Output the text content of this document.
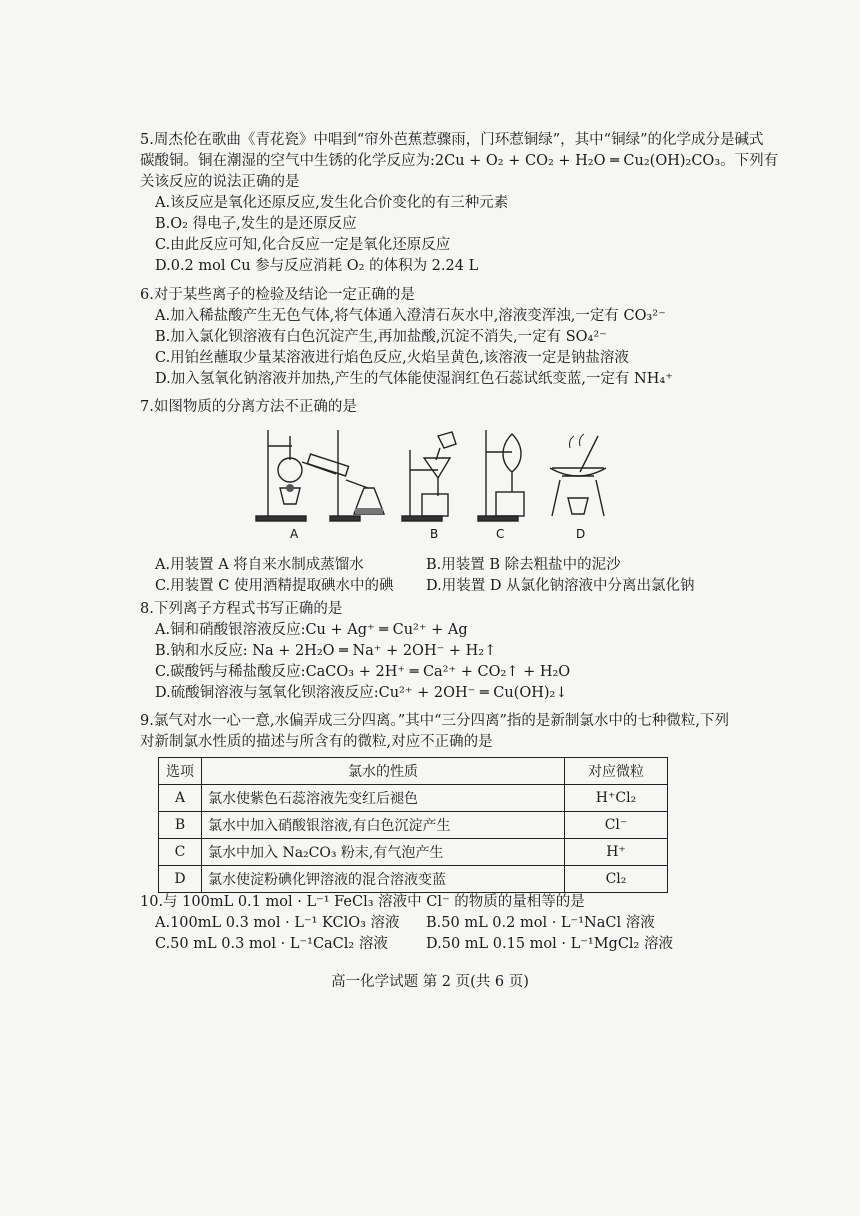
5.周杰伦在歌曲《青花瓷》中唱到“帘外芭蕉惹骤雨，门环惹铜绿”，其中“铜绿”的化学成分是碱式
碳酸铜。铜在潮湿的空气中生锈的化学反应为:2Cu + O₂ + CO₂ + H₂O ═ Cu₂(OH)₂CO₃。下列有
关该反应的说法正确的是
A.该反应是氧化还原反应,发生化合价变化的有三种元素
B.O₂ 得电子,发生的是还原反应
C.由此反应可知,化合反应一定是氧化还原反应
D.0.2 mol Cu 参与反应消耗 O₂ 的体积为 2.24 L
6.对于某些离子的检验及结论一定正确的是
A.加入稀盐酸产生无色气体,将气体通入澄清石灰水中,溶液变浑浊,一定有 CO₃²⁻
B.加入氯化钡溶液有白色沉淀产生,再加盐酸,沉淀不消失,一定有 SO₄²⁻
C.用铂丝蘸取少量某溶液进行焰色反应,火焰呈黄色,该溶液一定是钠盐溶液
D.加入氢氧化钠溶液并加热,产生的气体能使湿润红色石蕊试纸变蓝,一定有 NH₄⁺
7.如图物质的分离方法不正确的是
A	B	C	D
A.用装置 A 将自来水制成蒸馏水	B.用装置 B 除去粗盐中的泥沙
C.用装置 C 使用酒精提取碘水中的碘	D.用装置 D 从氯化钠溶液中分离出氯化钠
8.下列离子方程式书写正确的是
A.铜和硝酸银溶液反应:Cu + Ag⁺ ═ Cu²⁺ + Ag
B.钠和水反应: Na + 2H₂O ═ Na⁺ + 2OH⁻ + H₂↑
C.碳酸钙与稀盐酸反应:CaCO₃ + 2H⁺ ═ Ca²⁺ + CO₂↑ + H₂O
D.硫酸铜溶液与氢氧化钡溶液反应:Cu²⁺ + 2OH⁻ ═ Cu(OH)₂↓
9.氯气对水一心一意,水偏弄成三分四离。”其中“三分四离”指的是新制氯水中的七种微粒,下列
对新制氯水性质的描述与所含有的微粒,对应不正确的是
选项	氯水的性质	对应微粒
A	氯水使紫色石蕊溶液先变红后褪色	H⁺Cl₂
B	氯水中加入硝酸银溶液,有白色沉淀产生	Cl⁻
C	氯水中加入 Na₂CO₃ 粉末,有气泡产生	H⁺
D	氯水使淀粉碘化钾溶液的混合溶液变蓝	Cl₂
10.与 100mL 0.1 mol · L⁻¹ FeCl₃ 溶液中 Cl⁻ 的物质的量相等的是
A.100mL 0.3 mol · L⁻¹ KClO₃ 溶液	B.50 mL 0.2 mol · L⁻¹NaCl 溶液
C.50 mL 0.3 mol · L⁻¹CaCl₂ 溶液	D.50 mL 0.15 mol · L⁻¹MgCl₂ 溶液
高一化学试题 第 2 页(共 6 页)
